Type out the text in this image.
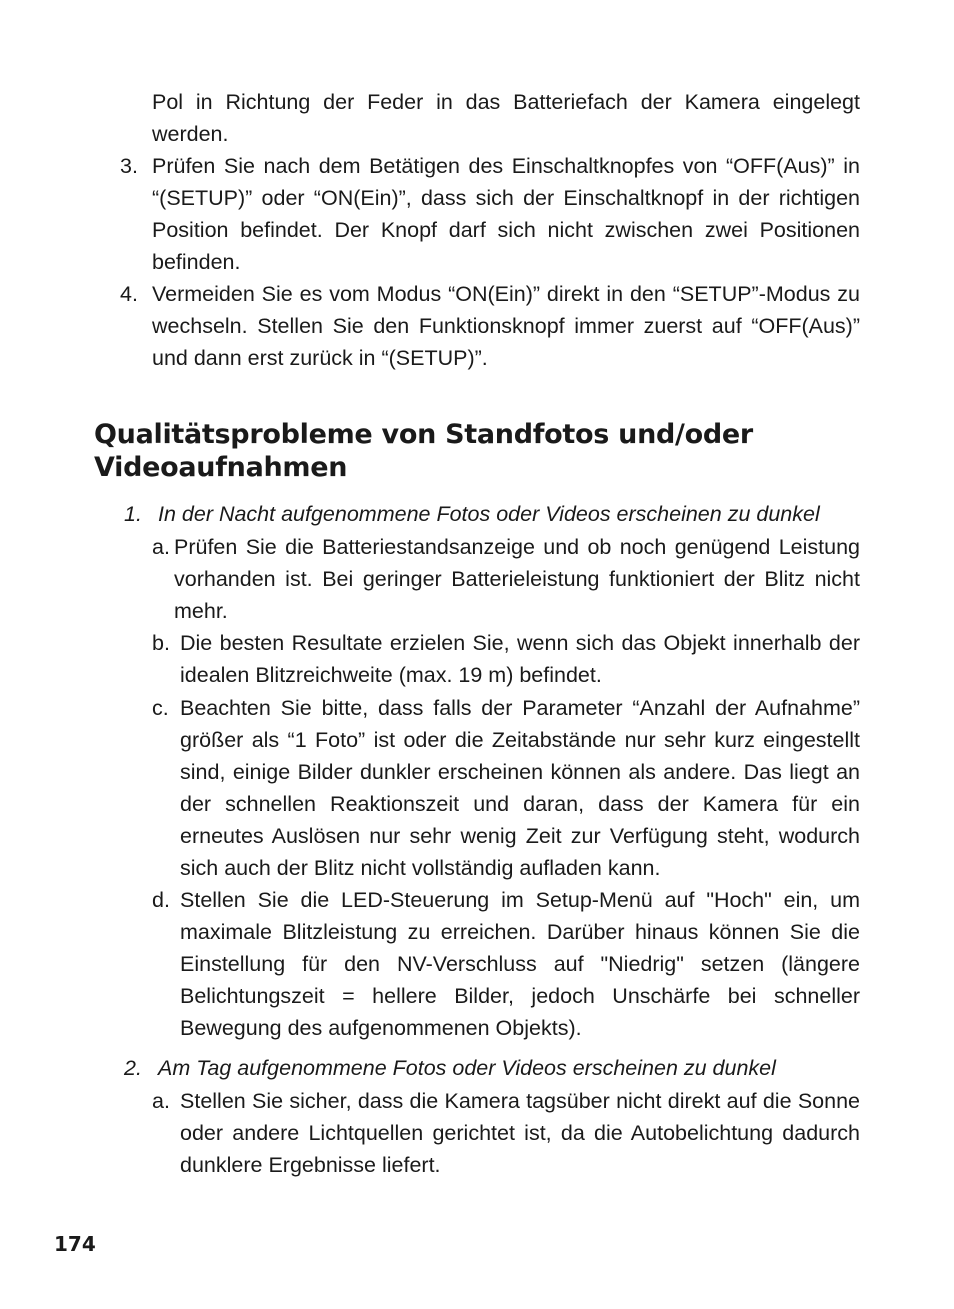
Pol in Richtung der Feder in das Batteriefach der Kamera eingelegt werden.
3. Prüfen Sie nach dem Betätigen des Einschaltknopfes von “OFF(Aus)” in “(SETUP)” oder “ON(Ein)”, dass sich der Einschaltknopf in der richtigen Position befindet. Der Knopf darf sich nicht zwischen zwei Positionen befinden.
4. Vermeiden Sie es vom Modus “ON(Ein)” direkt in den “SETUP”-Modus zu wechseln. Stellen Sie den Funktionsknopf immer zuerst auf “OFF(Aus)” und dann erst zurück in “(SETUP)”.
Qualitätsprobleme von Standfotos und/oder Videoaufnahmen
1. In der Nacht aufgenommene Fotos oder Videos erscheinen zu dunkel
a. Prüfen Sie die Batteriestandsanzeige und ob noch genügend Leistung vorhanden ist. Bei geringer Batterieleistung funktioniert der Blitz nicht mehr.
b. Die besten Resultate erzielen Sie, wenn sich das Objekt innerhalb der idealen Blitzreichweite (max. 19 m) befindet.
c. Beachten Sie bitte, dass falls der Parameter “Anzahl der Aufnahme” größer als “1 Foto” ist oder die Zeitabstände nur sehr kurz eingestellt sind, einige Bilder dunkler erscheinen können als andere. Das liegt an der schnellen Reaktionszeit und daran, dass der Kamera für ein erneutes Auslösen nur sehr wenig Zeit zur Verfügung steht, wodurch sich auch der Blitz nicht vollständig aufladen kann.
d. Stellen Sie die LED-Steuerung im Setup-Menü auf "Hoch" ein, um maximale Blitzleistung zu erreichen. Darüber hinaus können Sie die Einstellung für den NV-Verschluss auf "Niedrig" setzen (längere Belichtungszeit = hellere Bilder, jedoch Unschärfe bei schneller Bewegung des aufgenommenen Objekts).
2. Am Tag aufgenommene Fotos oder Videos erscheinen zu dunkel
a. Stellen Sie sicher, dass die Kamera tagsüber nicht direkt auf die Sonne oder andere Lichtquellen gerichtet ist, da die Autobelichtung dadurch dunklere Ergebnisse liefert.
174
